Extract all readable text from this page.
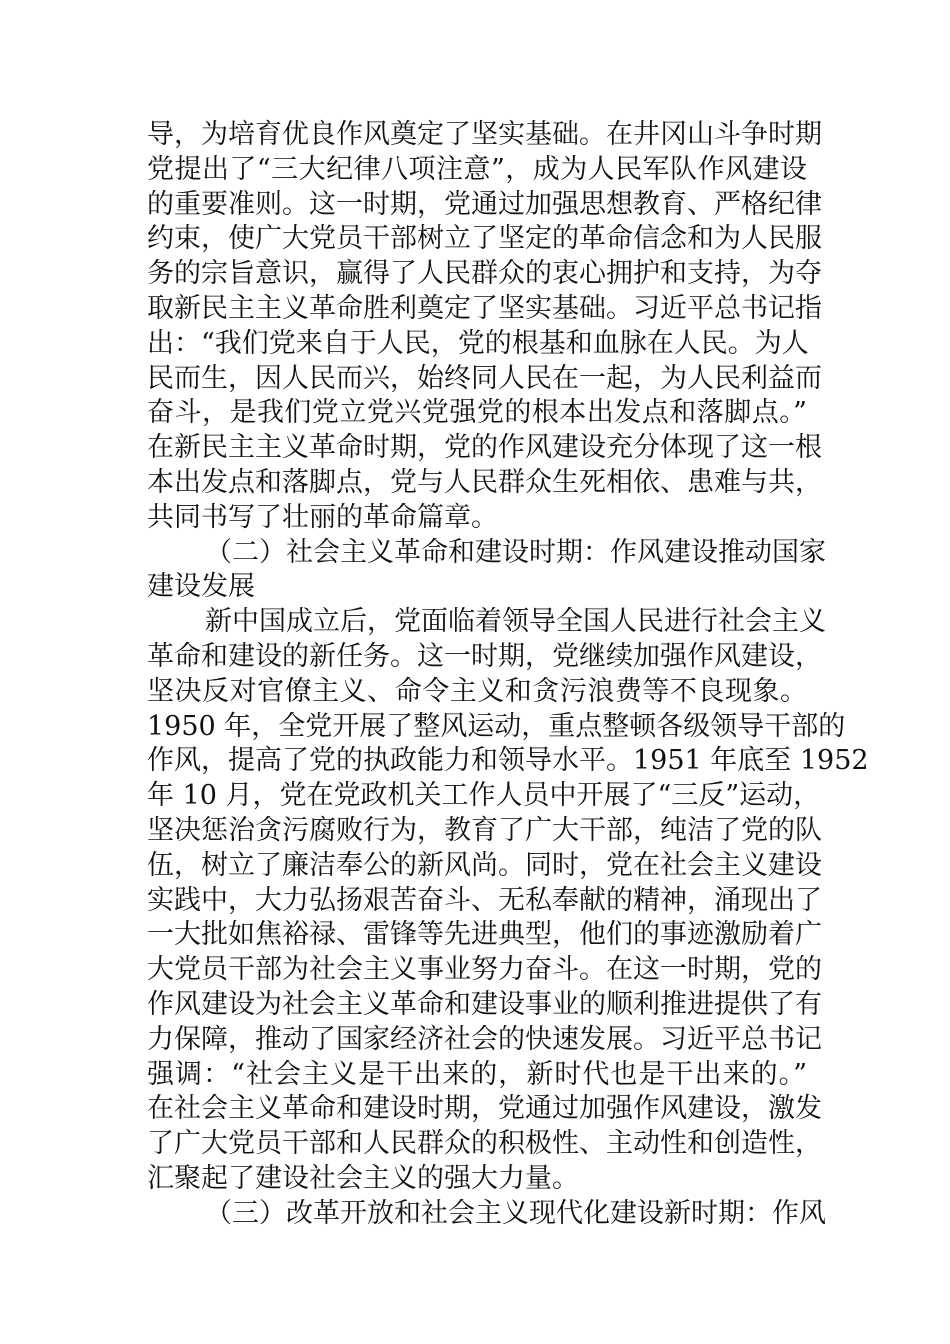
导，为培育优良作风奠定了坚实基础。在井冈山斗争时期
党提出了“三大纪律八项注意”，成为人民军队作风建设
的重要准则。这一时期，党通过加强思想教育、严格纪律
约束，使广大党员干部树立了坚定的革命信念和为人民服
务的宗旨意识，赢得了人民群众的衷心拥护和支持，为夺
取新民主主义革命胜利奠定了坚实基础。习近平总书记指
出：“我们党来自于人民，党的根基和血脉在人民。为人
民而生，因人民而兴，始终同人民在一起，为人民利益而
奋斗，是我们党立党兴党强党的根本出发点和落脚点。”
在新民主主义革命时期，党的作风建设充分体现了这一根
本出发点和落脚点，党与人民群众生死相依、患难与共，
共同书写了壮丽的革命篇章。
（二）社会主义革命和建设时期：作风建设推动国家
建设发展
新中国成立后，党面临着领导全国人民进行社会主义
革命和建设的新任务。这一时期，党继续加强作风建设，
坚决反对官僚主义、命令主义和贪污浪费等不良现象。
1950 年，全党开展了整风运动，重点整顿各级领导干部的
作风，提高了党的执政能力和领导水平。1951 年底至 1952
年 10 月，党在党政机关工作人员中开展了“三反”运动，
坚决惩治贪污腐败行为，教育了广大干部，纯洁了党的队
伍，树立了廉洁奉公的新风尚。同时，党在社会主义建设
实践中，大力弘扬艰苦奋斗、无私奉献的精神，涌现出了
一大批如焦裕禄、雷锋等先进典型，他们的事迹激励着广
大党员干部为社会主义事业努力奋斗。在这一时期，党的
作风建设为社会主义革命和建设事业的顺利推进提供了有
力保障，推动了国家经济社会的快速发展。习近平总书记
强调：“社会主义是干出来的，新时代也是干出来的。”
在社会主义革命和建设时期，党通过加强作风建设，激发
了广大党员干部和人民群众的积极性、主动性和创造性，
汇聚起了建设社会主义的强大力量。
（三）改革开放和社会主义现代化建设新时期：作风
